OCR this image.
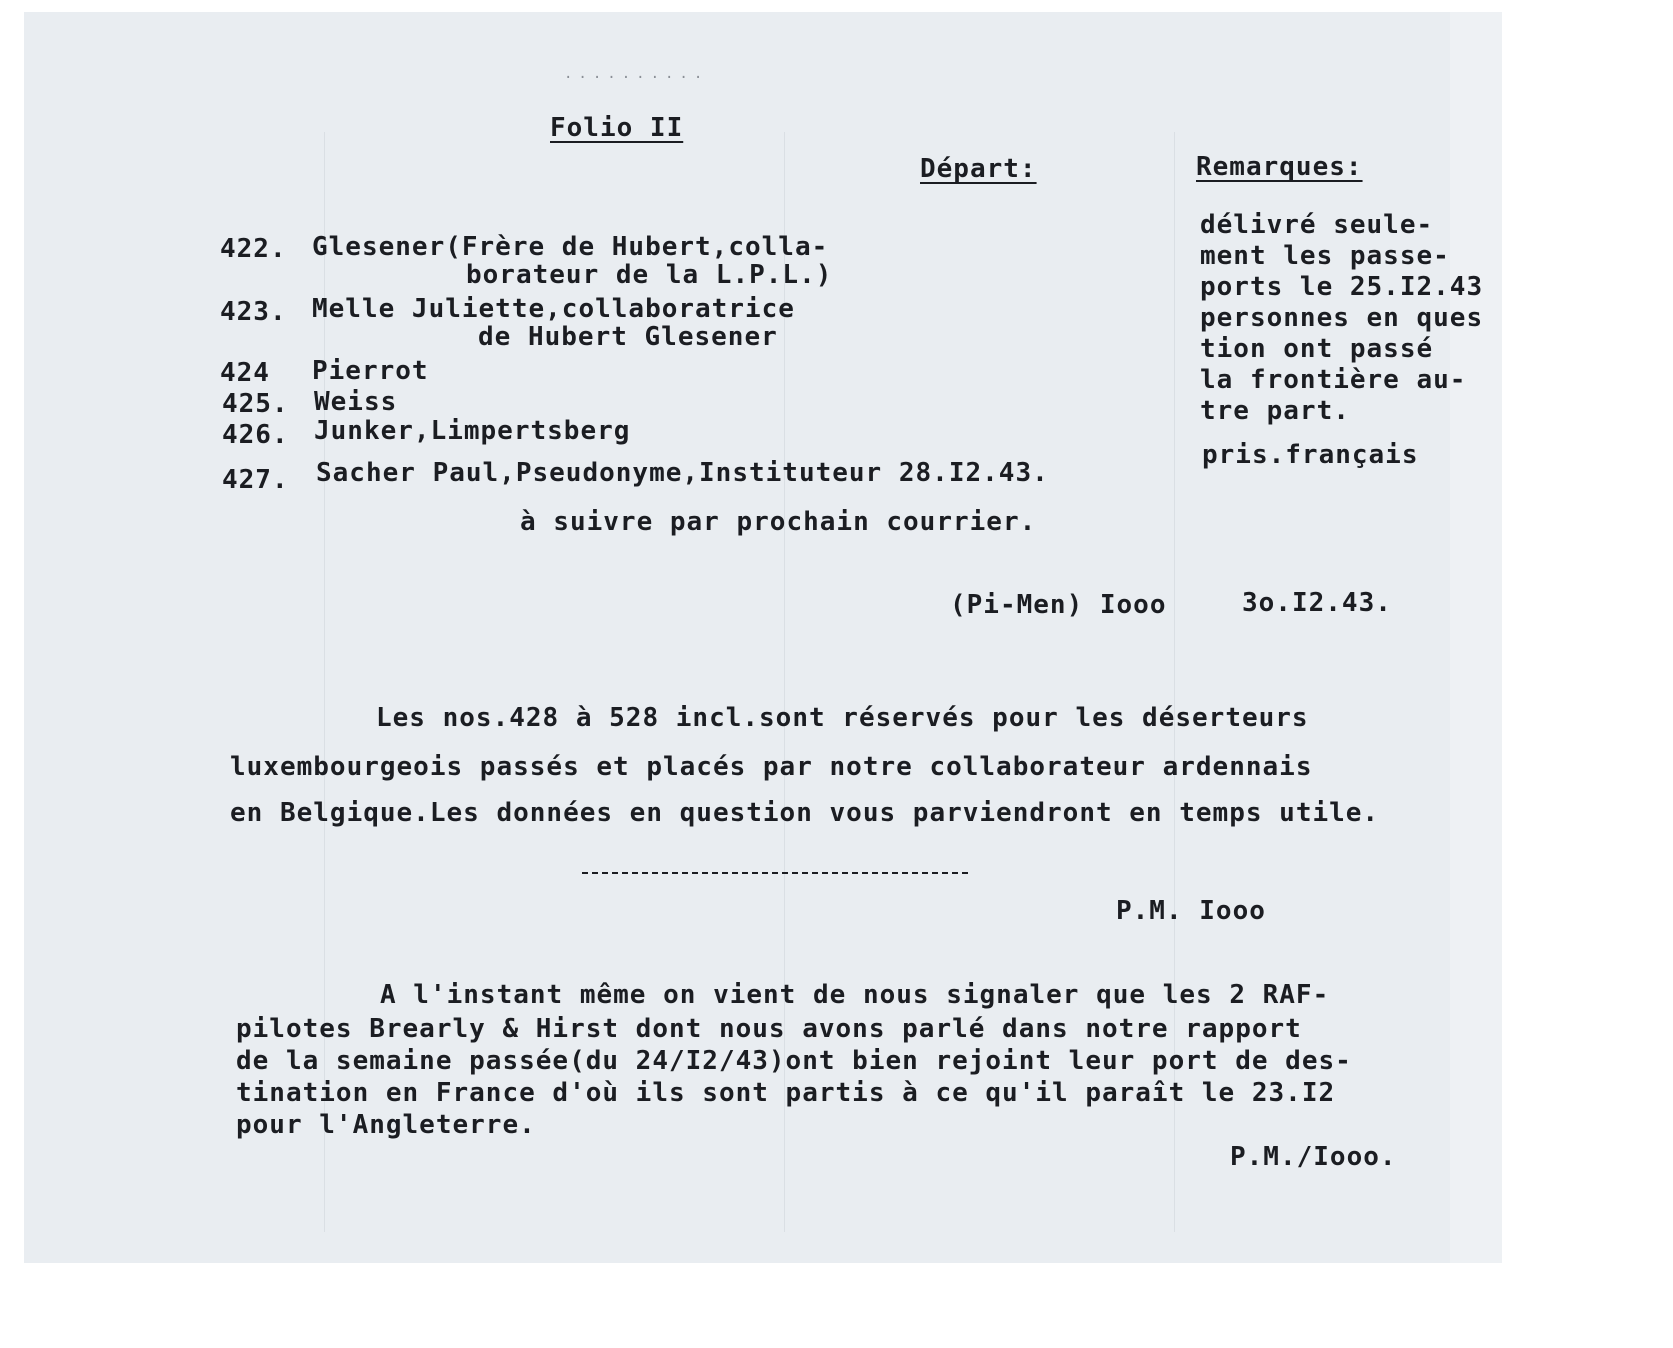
··········

Folio II

Départ:	Remarques:

422. Glesener(Frère de Hubert,colla-

borateur de la L.P.L.)

423. Melle Juliette,collaboratrice

de Hubert Glesener

424 Pierrot

425. Weiss

426. Junker,Limpertsberg

427. Sacher Paul,Pseudonyme,Instituteur 28.I2.43.

délivré seule-

ment les passe-

ports le 25.I2.43

personnes en ques

tion ont passé

la frontière au-

tre part.

pris.français

à suivre par prochain courrier.

(Pi-Men) Iooo	3o.I2.43.

Les nos.428 à 528 incl.sont réservés pour les déserteurs

luxembourgeois passés et placés par notre collaborateur ardennais

en Belgique.Les données en question vous parviendront en temps utile.

P.M. Iooo

A l'instant même on vient de nous signaler que les 2 RAF-

pilotes Brearly & Hirst dont nous avons parlé dans notre rapport

de la semaine passée(du 24/I2/43)ont bien rejoint leur port de des-

tination en France d'où ils sont partis à ce qu'il paraît le 23.I2

pour l'Angleterre.

P.M./Iooo.
